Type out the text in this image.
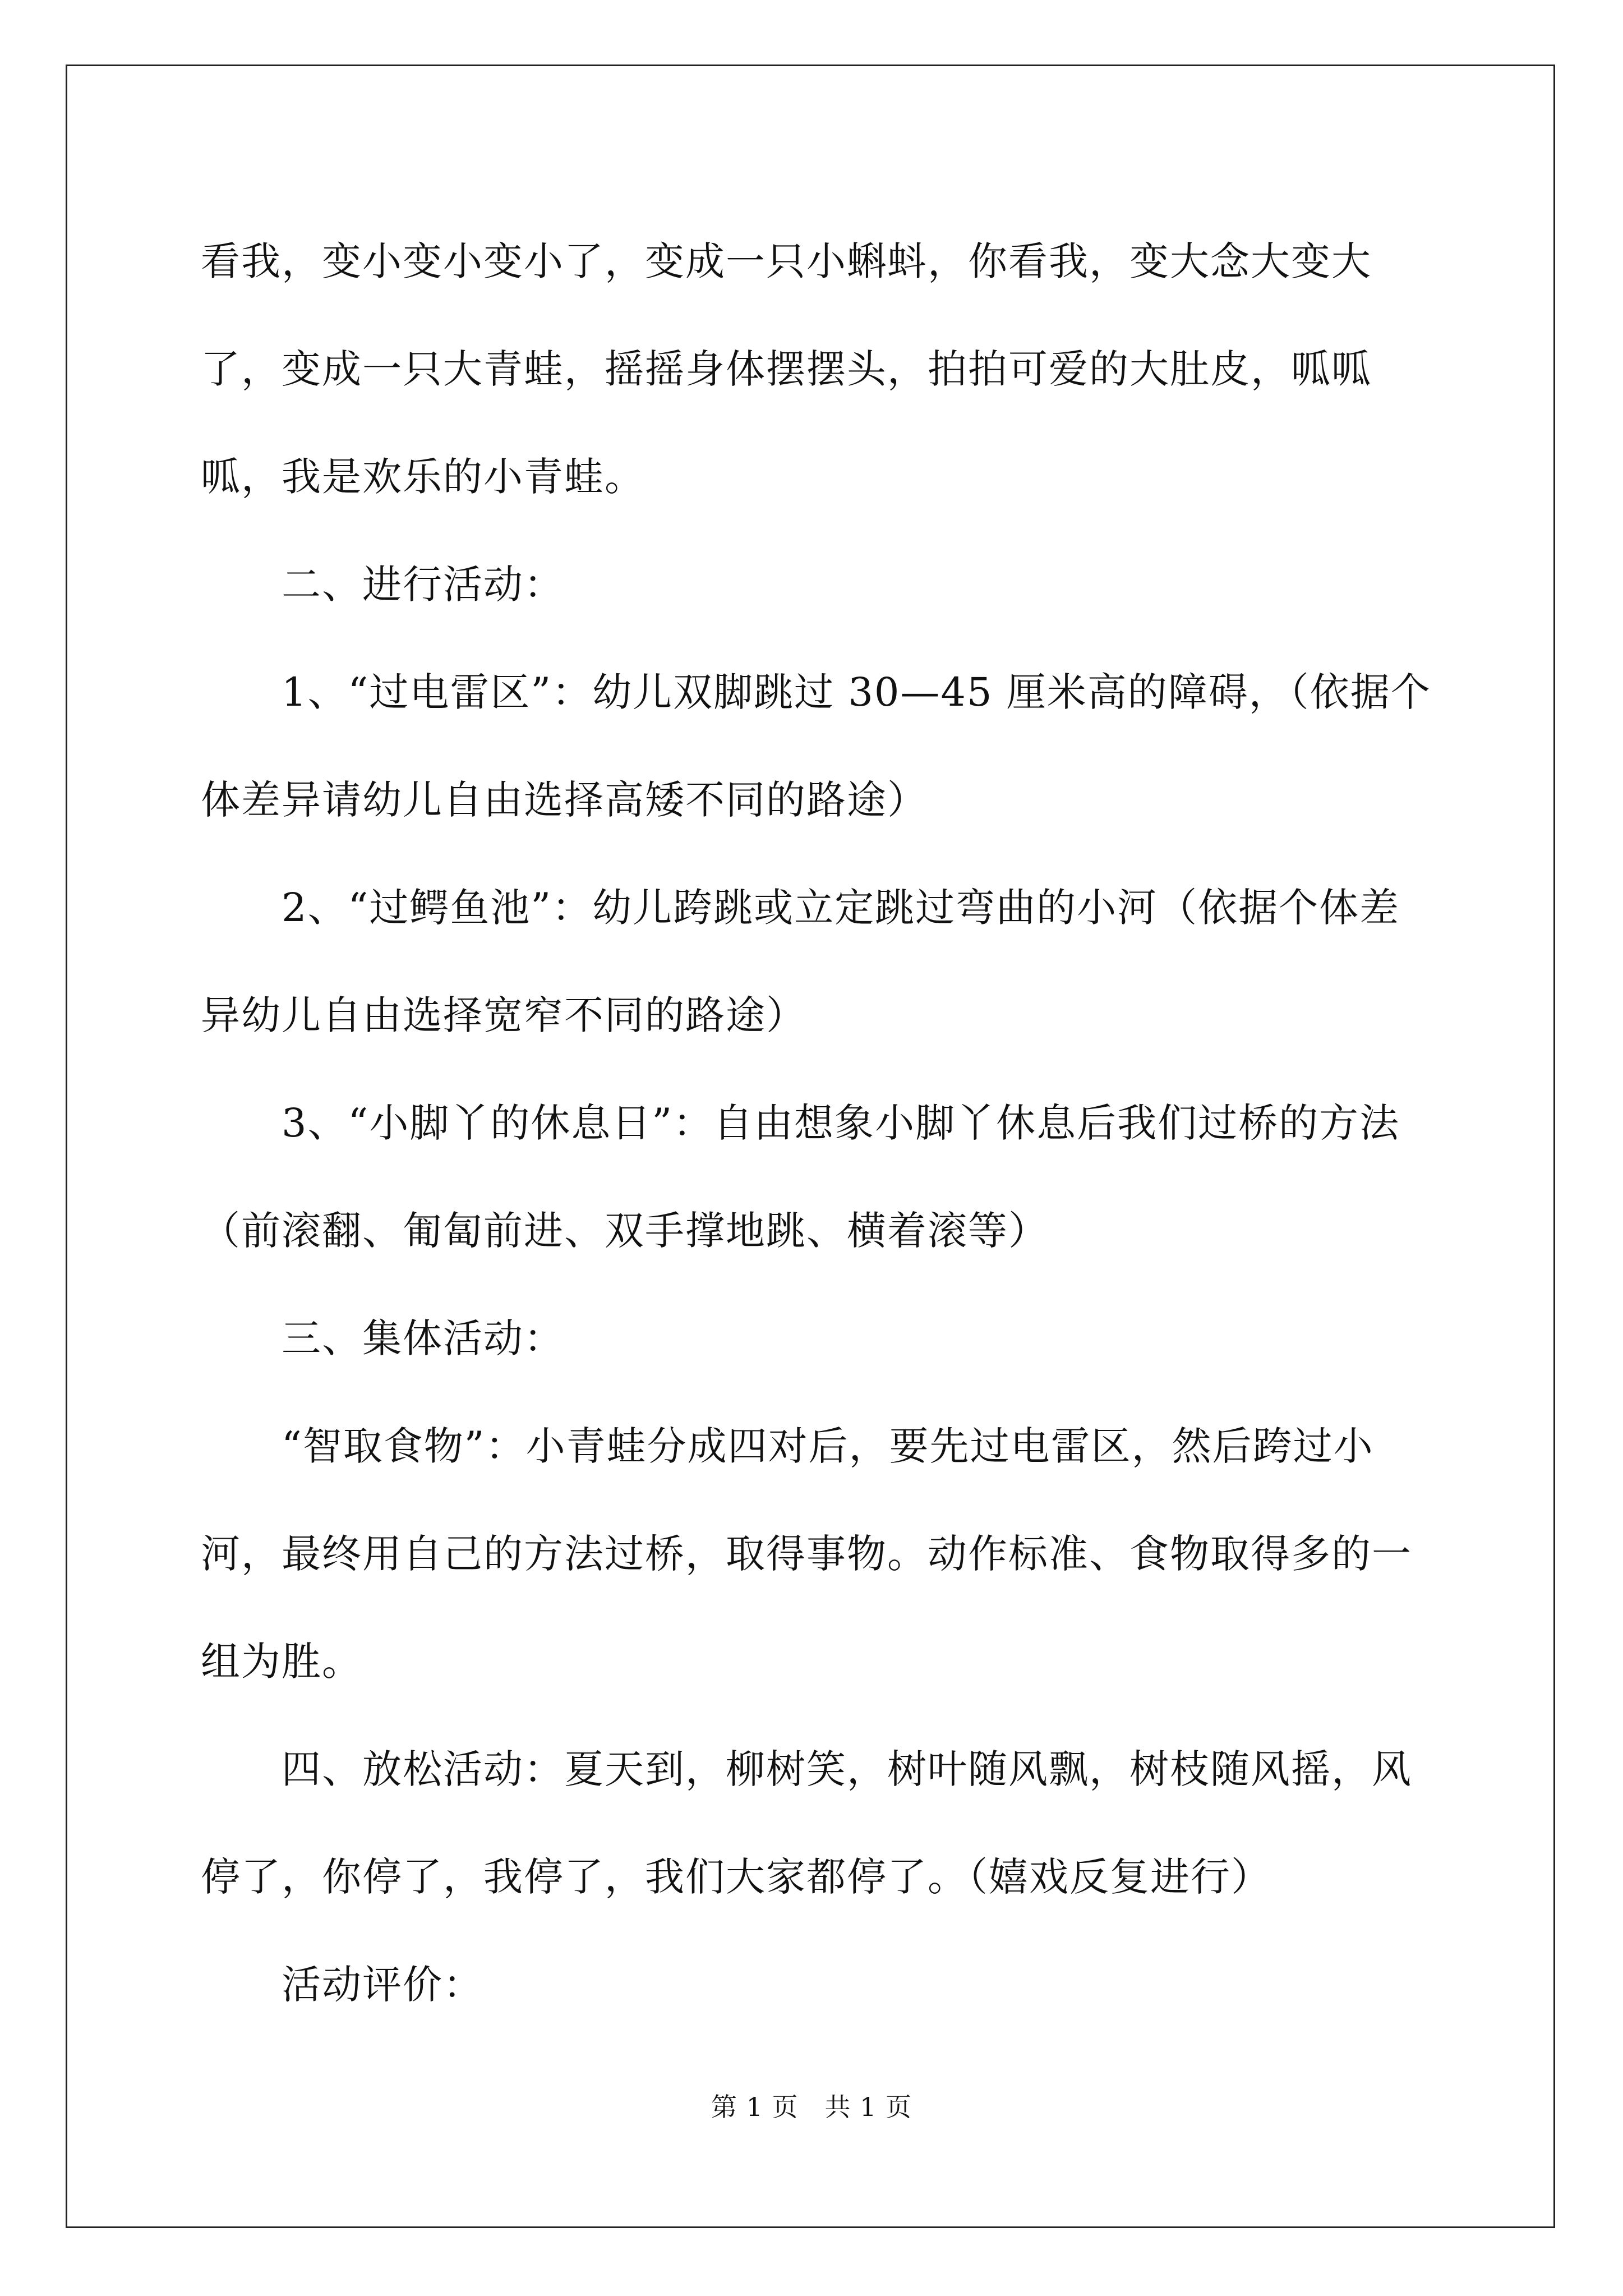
看我，变小变小变小了，变成一只小蝌蚪，你看我，变大念大变大了，变成一只大青蛙，摇摇身体摆摆头，拍拍可爱的大肚皮，呱呱呱，我是欢乐的小青蛙。

二、进行活动：

1、“过电雷区”：幼儿双脚跳过 30—45 厘米高的障碍，（依据个体差异请幼儿自由选择高矮不同的路途）

2、“过鳄鱼池”：幼儿跨跳或立定跳过弯曲的小河（依据个体差异幼儿自由选择宽窄不同的路途）

3、“小脚丫的休息日”：自由想象小脚丫休息后我们过桥的方法（前滚翻、匍匐前进、双手撑地跳、横着滚等）

三、集体活动：

“智取食物”：小青蛙分成四对后，要先过电雷区，然后跨过小河，最终用自己的方法过桥，取得事物。动作标准、食物取得多的一组为胜。

四、放松活动：夏天到，柳树笑，树叶随风飘，树枝随风摇，风停了，你停了，我停了，我们大家都停了。（嬉戏反复进行）

活动评价：

第 1 页　共 1 页
